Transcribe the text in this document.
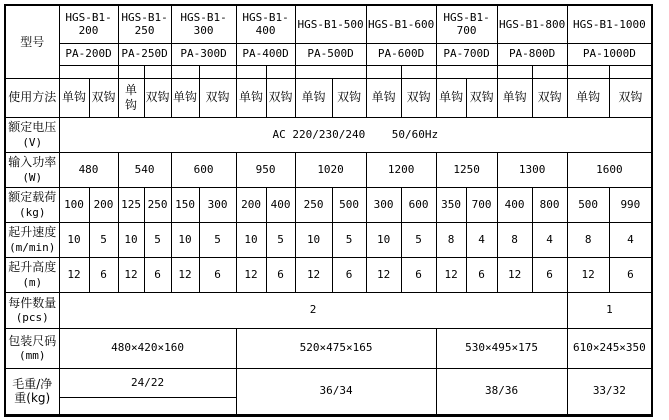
型号	HGS-B1-200		HGS-B1-250		HGS-B1-300		HGS-B1-400		HGS-B1-500		HGS-B1-600		HGS-B1-700		HGS-B1-800		HGS-B1-1000	
	PA-200D		PA-250D		PA-300D		PA-400D		PA-500D		PA-600D		PA-700D		PA-800D		PA-1000D	

使用方法	单钩	双钩	单钩	双钩	单钩	双钩	单钩	双钩	单钩	双钩	单钩	双钩	单钩	双钩	单钩	双钩	单钩	双钩

额定电压
(V)	AC 220/230/240    50/60Hz																	

输入功率
(W)	480		540		600		950		1020		1200		1250		1300		1600	

额定载荷
(kg)	100	200	125	250	150	300	200	400	250	500	300	600	350	700	400	800	500	990

起升速度
(m/min)	10	5	10	5	10	5	10	5	10	5	10	5	8	4	8	4	8	4

起升高度
(m)	12	6	12	6	12	6	12	6	12	6	12	6	12	6	12	6	12	6

每件数量
(pcs)	2																1	

包装尺码
(mm)	480×420×160						520×475×165						530×495×175				610×245×350	
毛重/净重(kg)	24/22						36/34						38/36				33/32	
